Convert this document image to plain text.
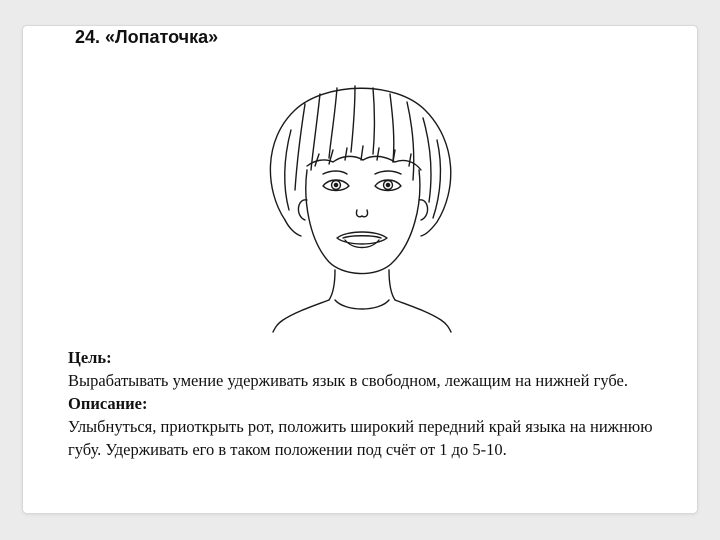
24. «Лопаточка»

Цель:

Вырабатывать умение удерживать язык в свободном, лежащим на нижней губе.

Описание:

Улыбнуться, приоткрыть рот, положить широкий передний край языка на нижнюю губу. Удерживать его в таком положении под счёт от 1 до 5-10.
